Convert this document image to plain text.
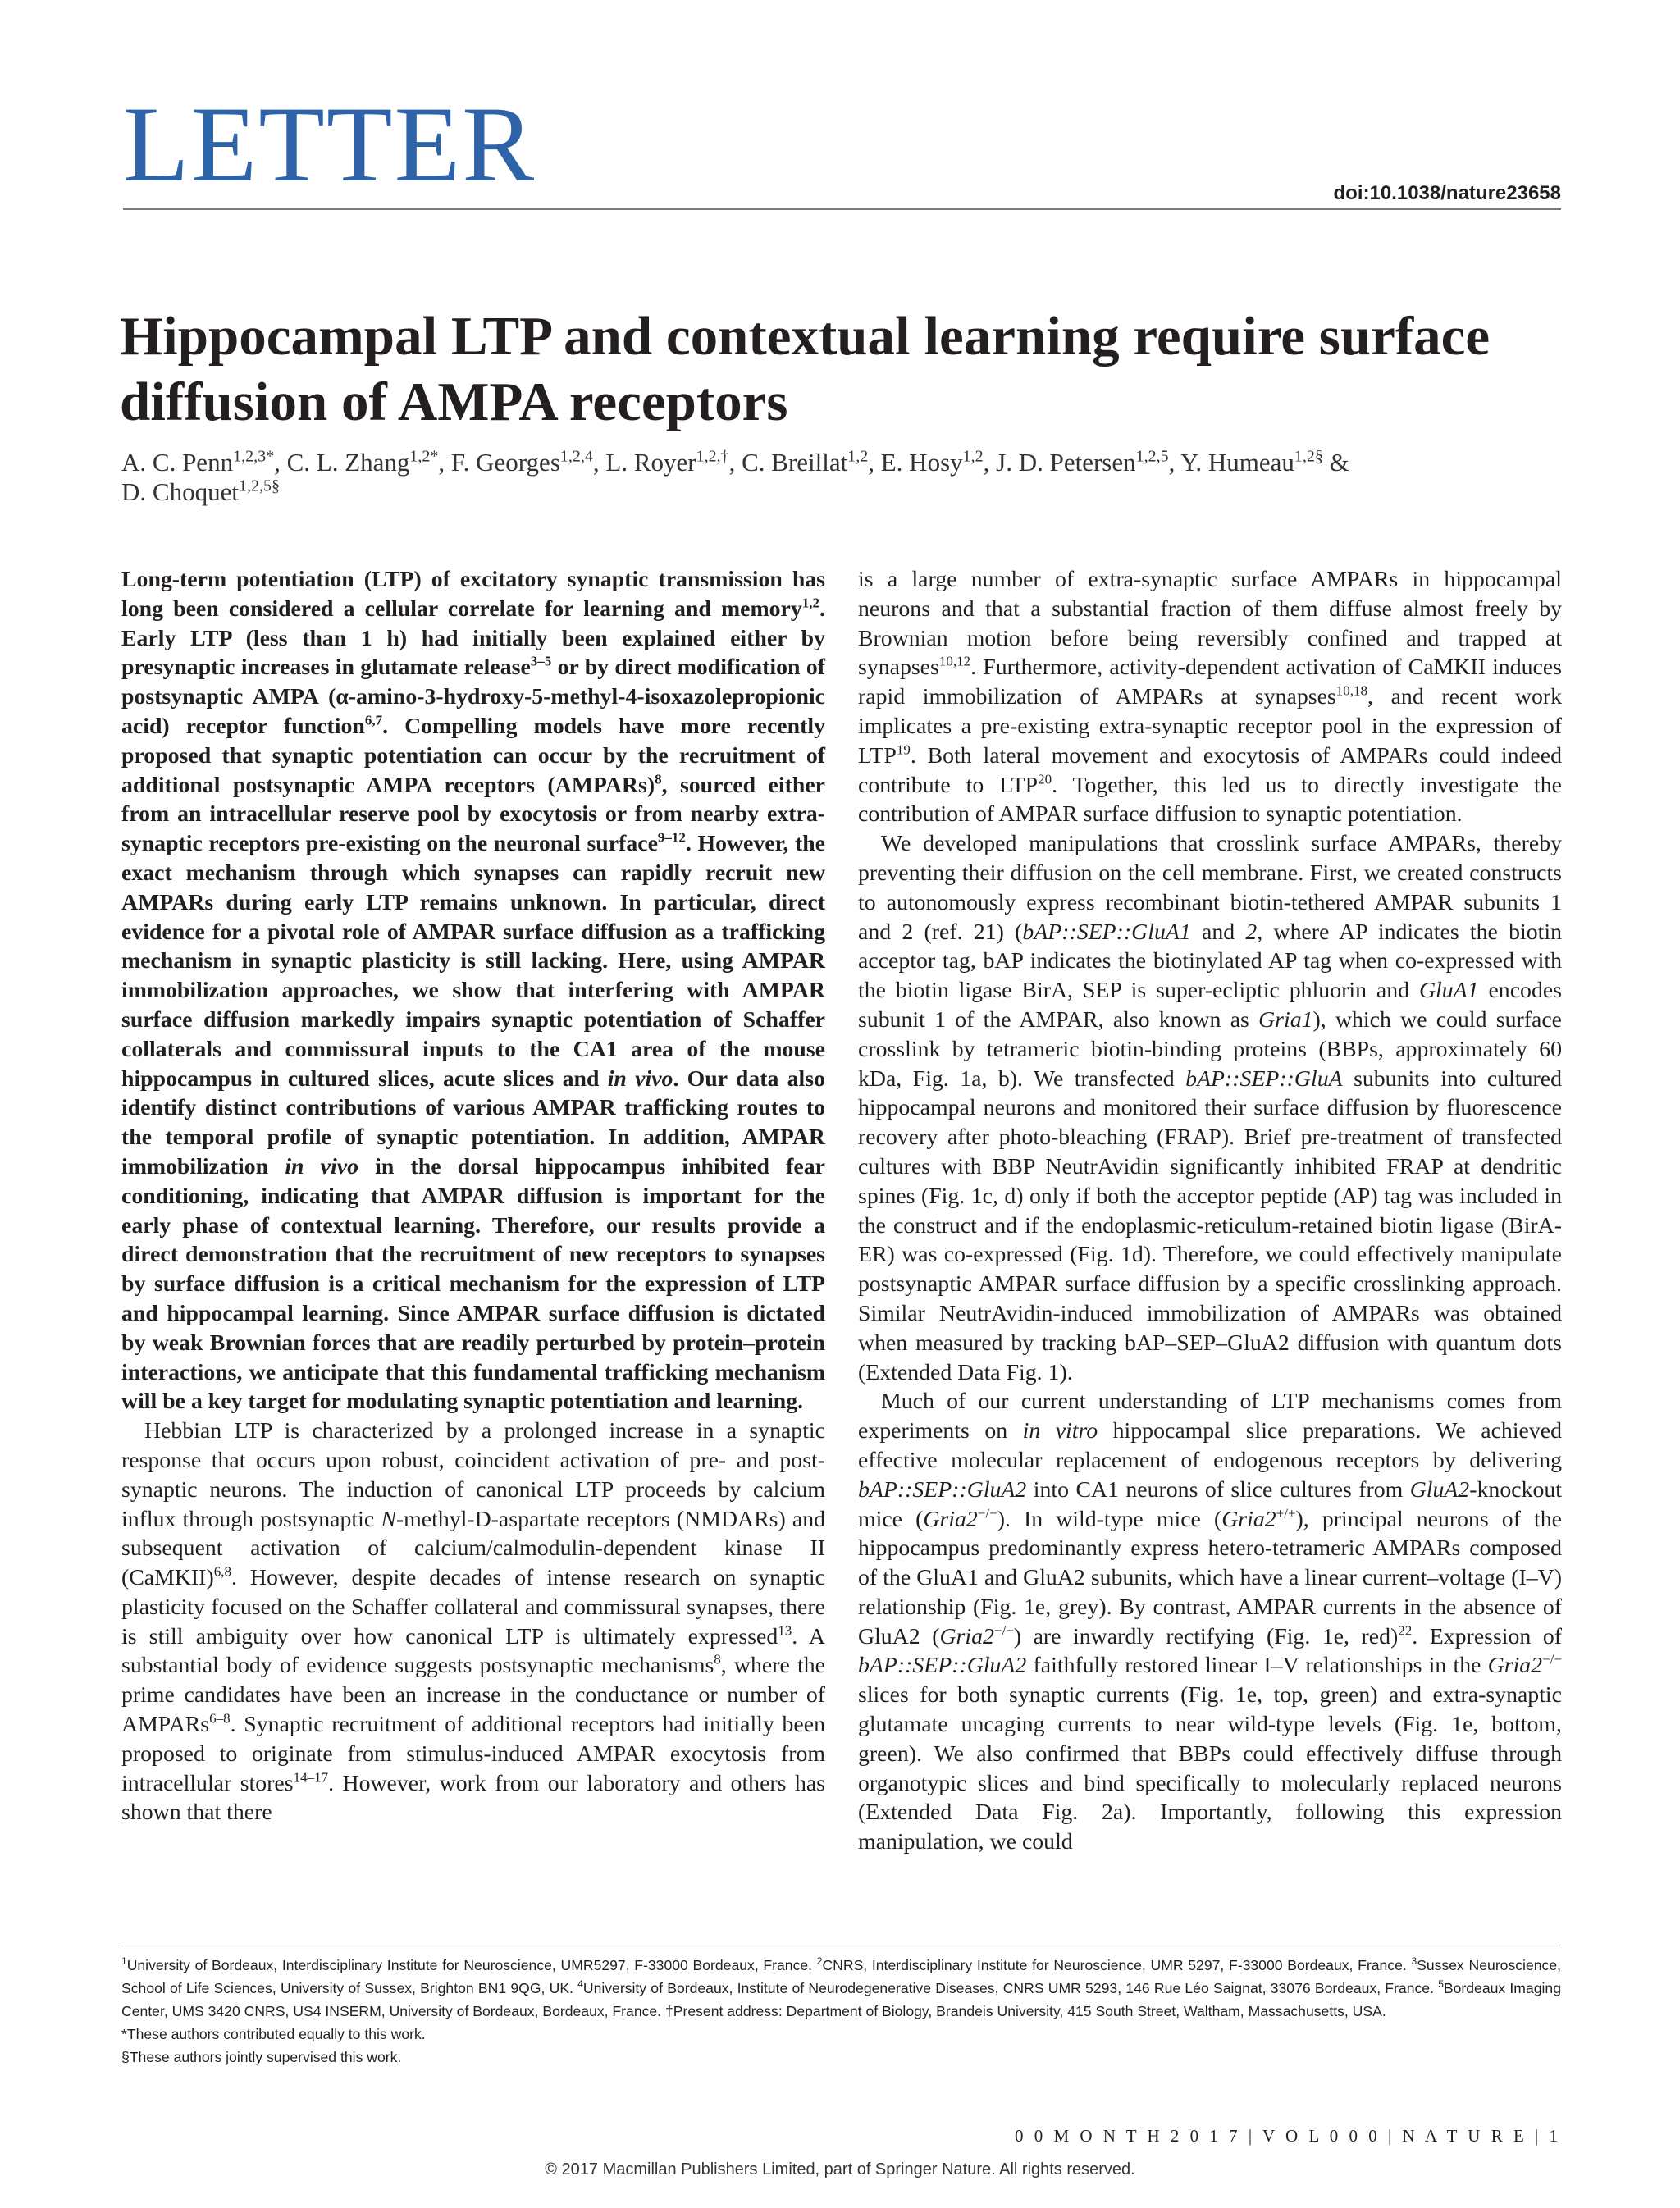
LETTER	doi:10.1038/nature23658
Hippocampal LTP and contextual learning require surface diffusion of AMPA receptors
A. C. Penn$^{1,2,3*}$, C. L. Zhang$^{1,2*}$, F. Georges$^{1,2,4}$, L. Royer$^{1,2,\dagger}$, C. Breillat$^{1,2}$, E. Hosy$^{1,2}$, J. D. Petersen$^{1,2,5}$, Y. Humeau$^{1,2\S}$ &
D. Choquet$^{1,2,5\S}$

Long-term potentiation (LTP) of excitatory synaptic transmission has long been considered a cellular correlate for learning and memory$^{1,2}$. Early LTP (less than 1 h) had initially been explained either by presynaptic increases in glutamate release$^{3-5}$ or by direct modification of postsynaptic AMPA (α-amino-3-hydroxy-5-methyl-4-isoxazolepropionic acid) receptor function$^{6,7}$. Compelling models have more recently proposed that synaptic potentiation can occur by the recruitment of additional postsynaptic AMPA receptors (AMPARs)$^8$, sourced either from an intracellular reserve pool by exocytosis or from nearby extra-synaptic receptors pre-existing on the neuronal surface$^{9-12}$. However, the exact mechanism through which synapses can rapidly recruit new AMPARs during early LTP remains unknown. In particular, direct evidence for a pivotal role of AMPAR surface diffusion as a trafficking mechanism in synaptic plasticity is still lacking. Here, using AMPAR immobilization approaches, we show that interfering with AMPAR surface diffusion markedly impairs synaptic potentiation of Schaffer collaterals and commissural inputs to the CA1 area of the mouse hippocampus in cultured slices, acute slices and in vivo. Our data also identify distinct contributions of various AMPAR trafficking routes to the temporal profile of synaptic potentiation. In addition, AMPAR immobilization in vivo in the dorsal hippocampus inhibited fear conditioning, indicating that AMPAR diffusion is important for the early phase of contextual learning. Therefore, our results provide a direct demonstration that the recruitment of new receptors to synapses by surface diffusion is a critical mechanism for the expression of LTP and hippocampal learning. Since AMPAR surface diffusion is dictated by weak Brownian forces that are readily perturbed by protein–protein interactions, we anticipate that this fundamental trafficking mechanism will be a key target for modulating synaptic potentiation and learning.

Hebbian LTP is characterized by a prolonged increase in a synaptic response that occurs upon robust, coincident activation of pre- and post-synaptic neurons. The induction of canonical LTP proceeds by calcium influx through postsynaptic N-methyl-D-aspartate receptors (NMDARs) and subsequent activation of calcium/calmodulin-dependent kinase II (CaMKII)$^{6,8}$. However, despite decades of intense research on synaptic plasticity focused on the Schaffer collateral and commissural synapses, there is still ambiguity over how canonical LTP is ultimately expressed$^{13}$. A substantial body of evidence suggests postsynaptic mechanisms$^8$, where the prime candidates have been an increase in the conductance or number of AMPARs$^{6-8}$. Synaptic recruitment of additional receptors had initially been proposed to originate from stimulus-induced AMPAR exocytosis from intracellular stores$^{14-17}$. However, work from our laboratory and others has shown that there

is a large number of extra-synaptic surface AMPARs in hippocampal neurons and that a substantial fraction of them diffuse almost freely by Brownian motion before being reversibly confined and trapped at synapses$^{10,12}$. Furthermore, activity-dependent activation of CaMKII induces rapid immobilization of AMPARs at synapses$^{10,18}$, and recent work implicates a pre-existing extra-synaptic receptor pool in the expression of LTP$^{19}$. Both lateral movement and exocytosis of AMPARs could indeed contribute to LTP$^{20}$. Together, this led us to directly investigate the contribution of AMPAR surface diffusion to synaptic potentiation.

We developed manipulations that crosslink surface AMPARs, thereby preventing their diffusion on the cell membrane. First, we created constructs to autonomously express recombinant biotin-tethered AMPAR subunits 1 and 2 (ref. 21) (bAP::SEP::GluA1 and 2, where AP indicates the biotin acceptor tag, bAP indicates the biotinylated AP tag when co-expressed with the biotin ligase BirA, SEP is super-ecliptic phluorin and GluA1 encodes subunit 1 of the AMPAR, also known as Gria1), which we could surface crosslink by tetrameric biotin-binding proteins (BBPs, approximately 60 kDa, Fig. 1a, b). We transfected bAP::SEP::GluA subunits into cultured hippocampal neurons and monitored their surface diffusion by fluorescence recovery after photo-bleaching (FRAP). Brief pre-treatment of transfected cultures with BBP NeutrAvidin significantly inhibited FRAP at dendritic spines (Fig. 1c, d) only if both the acceptor peptide (AP) tag was included in the construct and if the endoplasmic-reticulum-retained biotin ligase (BirA-ER) was co-expressed (Fig. 1d). Therefore, we could effectively manipulate postsynaptic AMPAR surface diffusion by a specific crosslinking approach. Similar NeutrAvidin-induced immobilization of AMPARs was obtained when measured by tracking bAP–SEP–GluA2 diffusion with quantum dots (Extended Data Fig. 1).

Much of our current understanding of LTP mechanisms comes from experiments on in vitro hippocampal slice preparations. We achieved effective molecular replacement of endogenous receptors by delivering bAP::SEP::GluA2 into CA1 neurons of slice cultures from GluA2-knockout mice (Gria2−/−). In wild-type mice (Gria2+/+), principal neurons of the hippocampus predominantly express hetero-tetrameric AMPARs composed of the GluA1 and GluA2 subunits, which have a linear current–voltage (I–V) relationship (Fig. 1e, grey). By contrast, AMPAR currents in the absence of GluA2 (Gria2−/−) are inwardly rectifying (Fig. 1e, red)$^{22}$. Expression of bAP::SEP::GluA2 faithfully restored linear I–V relationships in the Gria2−/− slices for both synaptic currents (Fig. 1e, top, green) and extra-synaptic glutamate uncaging currents to near wild-type levels (Fig. 1e, bottom, green). We also confirmed that BBPs could effectively diffuse through organotypic slices and bind specifically to molecularly replaced neurons (Extended Data Fig. 2a). Importantly, following this expression manipulation, we could

$^1$University of Bordeaux, Interdisciplinary Institute for Neuroscience, UMR5297, F-33000 Bordeaux, France. $^2$CNRS, Interdisciplinary Institute for Neuroscience, UMR 5297, F-33000 Bordeaux, France. $^3$Sussex Neuroscience, School of Life Sciences, University of Sussex, Brighton BN1 9QG, UK. $^4$University of Bordeaux, Institute of Neurodegenerative Diseases, CNRS UMR 5293, 146 Rue Léo Saignat, 33076 Bordeaux, France. $^5$Bordeaux Imaging Center, UMS 3420 CNRS, US4 INSERM, University of Bordeaux, Bordeaux, France. †Present address: Department of Biology, Brandeis University, 415 South Street, Waltham, Massachusetts, USA.

*These authors contributed equally to this work.

§These authors jointly supervised this work.

0 0 M O N T H 2 0 1 7 | V O L 0 0 0 | N A T U R E | 1
© 2017 Macmillan Publishers Limited, part of Springer Nature. All rights reserved.
